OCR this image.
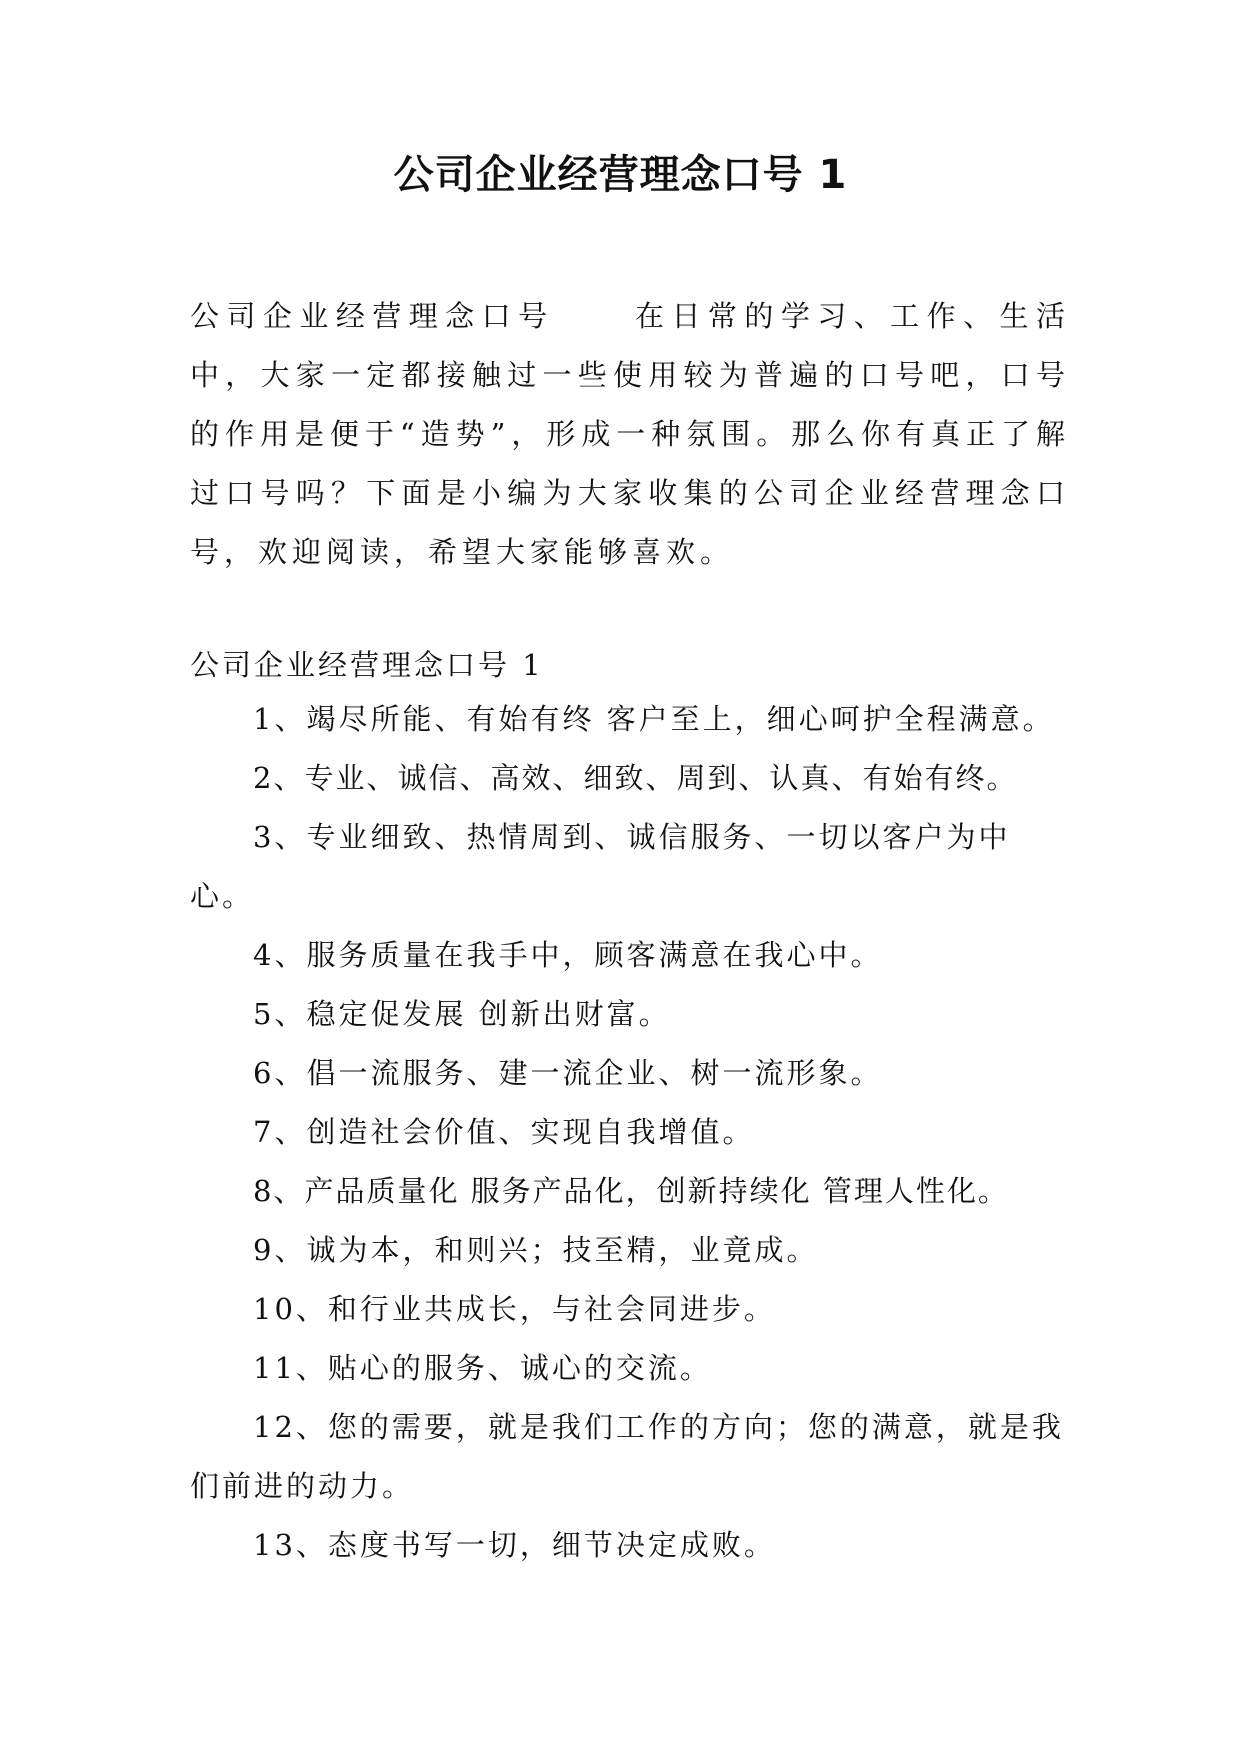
公司企业经营理念口号 1

公司企业经营理念口号	在日常的学习、工作、生活中，大家一定都接触过一些使用较为普遍的口号吧，口号的作用是便于“造势”，形成一种氛围。那么你有真正了解过口号吗？下面是小编为大家收集的公司企业经营理念口号，欢迎阅读，希望大家能够喜欢。

公司企业经营理念口号 1

1、竭尽所能、有始有终 客户至上，细心呵护全程满意。
2、专业、诚信、高效、细致、周到、认真、有始有终。
3、专业细致、热情周到、诚信服务、一切以客户为中心。
4、服务质量在我手中，顾客满意在我心中。
5、稳定促发展 创新出财富。
6、倡一流服务、建一流企业、树一流形象。
7、创造社会价值、实现自我增值。
8、产品质量化 服务产品化，创新持续化 管理人性化。
9、诚为本，和则兴；技至精，业竟成。
10、和行业共成长，与社会同进步。
11、贴心的服务、诚心的交流。
12、您的需要，就是我们工作的方向；您的满意，就是我们前进的动力。
13、态度书写一切，细节决定成败。
